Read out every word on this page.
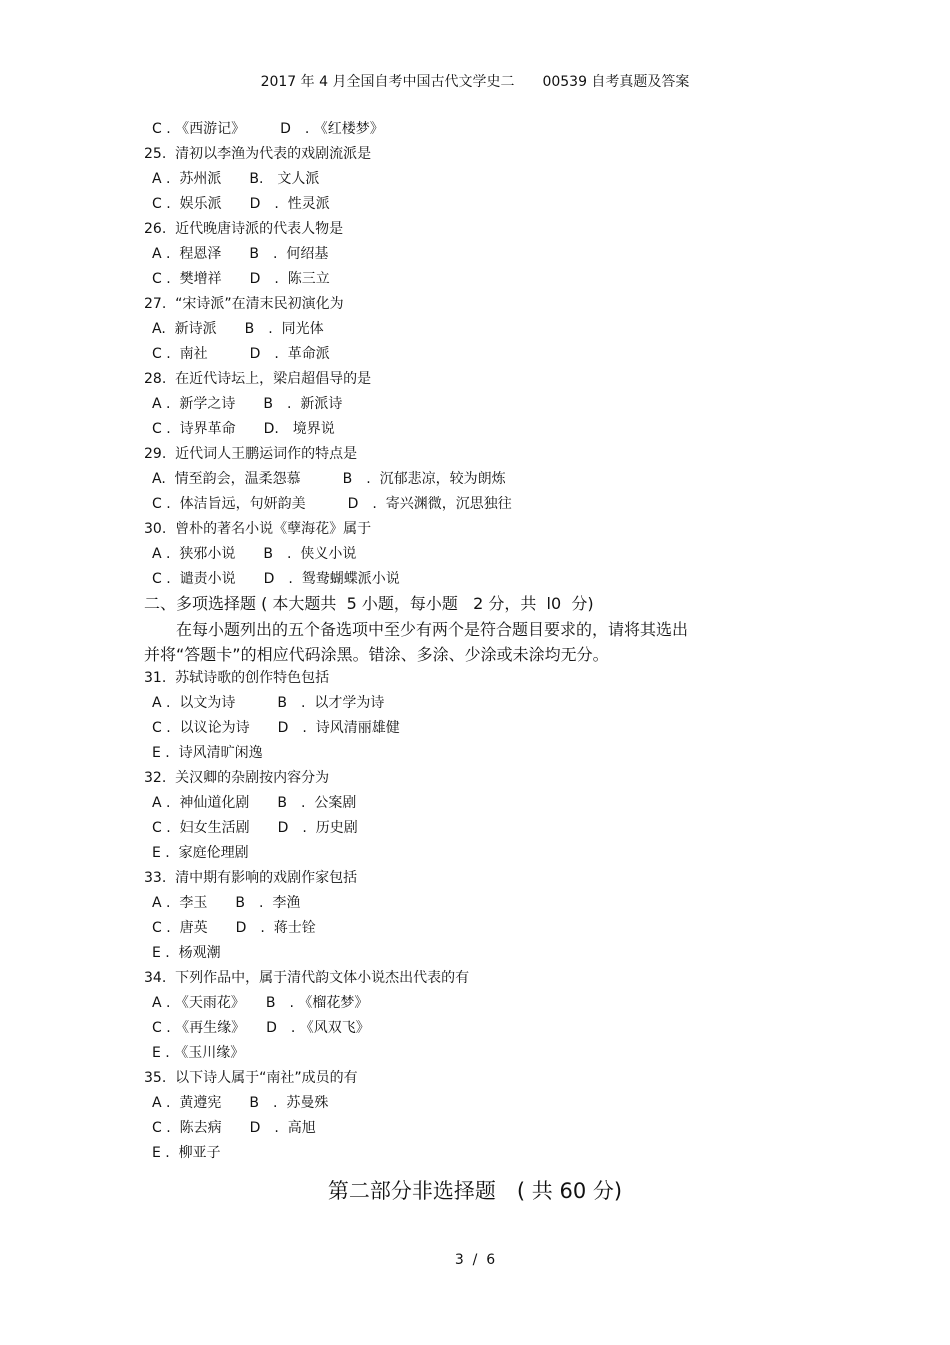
2017 年 4 月全国自考中国古代文学史二　　00539 自考真题及答案
C . 《西游记》　　　D　. 《红楼梦》
25.  清初以李渔为代表的戏剧流派是
A .  苏州派　　B.　文人派
C .  娱乐派　　D　.  性灵派
26.  近代晚唐诗派的代表人物是
A .  程恩泽　　B　.  何绍基
C .  樊增祥　　D　.  陈三立
27.  “宋诗派”在清末民初演化为
A.  新诗派　　B　.  同光体
C .  南社　　　D　.  革命派
28.  在近代诗坛上，梁启超倡导的是
A .  新学之诗　　B　.  新派诗
C .  诗界革命　　D.　境界说
29.  近代词人王鹏运词作的特点是
A.  情至韵会，温柔怨慕　　　B　.  沉郁悲凉，较为朗炼
C .  体洁旨远，句妍韵美　　　D　.  寄兴渊微，沉思独往
30.  曾朴的著名小说《孽海花》属于
A .  狭邪小说　　B　.  侠义小说
C .  谴责小说　　D　.  鸳鸯蝴蝶派小说
二、多项选择题 ( 本大题共  5 小题，每小题   2 分，共  l0  分)
　　在每小题列出的五个备选项中至少有两个是符合题目要求的，请将其选出
并将“答题卡”的相应代码涂黑。错涂、多涂、少涂或未涂均无分。
31.  苏轼诗歌的创作特色包括
A .  以文为诗　　　B　.  以才学为诗
C .  以议论为诗　　D　.  诗风清丽雄健
E .  诗风清旷闲逸
32.  关汉卿的杂剧按内容分为
A .  神仙道化剧　　B　.  公案剧
C .  妇女生活剧　　D　.  历史剧
E .  家庭伦理剧
33.  清中期有影响的戏剧作家包括
A .  李玉　　B　.  李渔
C .  唐英　　D　.  蒋士铨
E .  杨观潮
34.  下列作品中，属于清代韵文体小说杰出代表的有
A . 《天雨花》　　B　. 《榴花梦》
C . 《再生缘》　　D　. 《风双飞》
E . 《玉川缘》
35.  以下诗人属于“南社”成员的有
A .  黄遵宪　　B　.  苏曼殊
C .  陈去病　　D　.  高旭
E .  柳亚子
第二部分非选择题　( 共 60 分)
3  /  6
